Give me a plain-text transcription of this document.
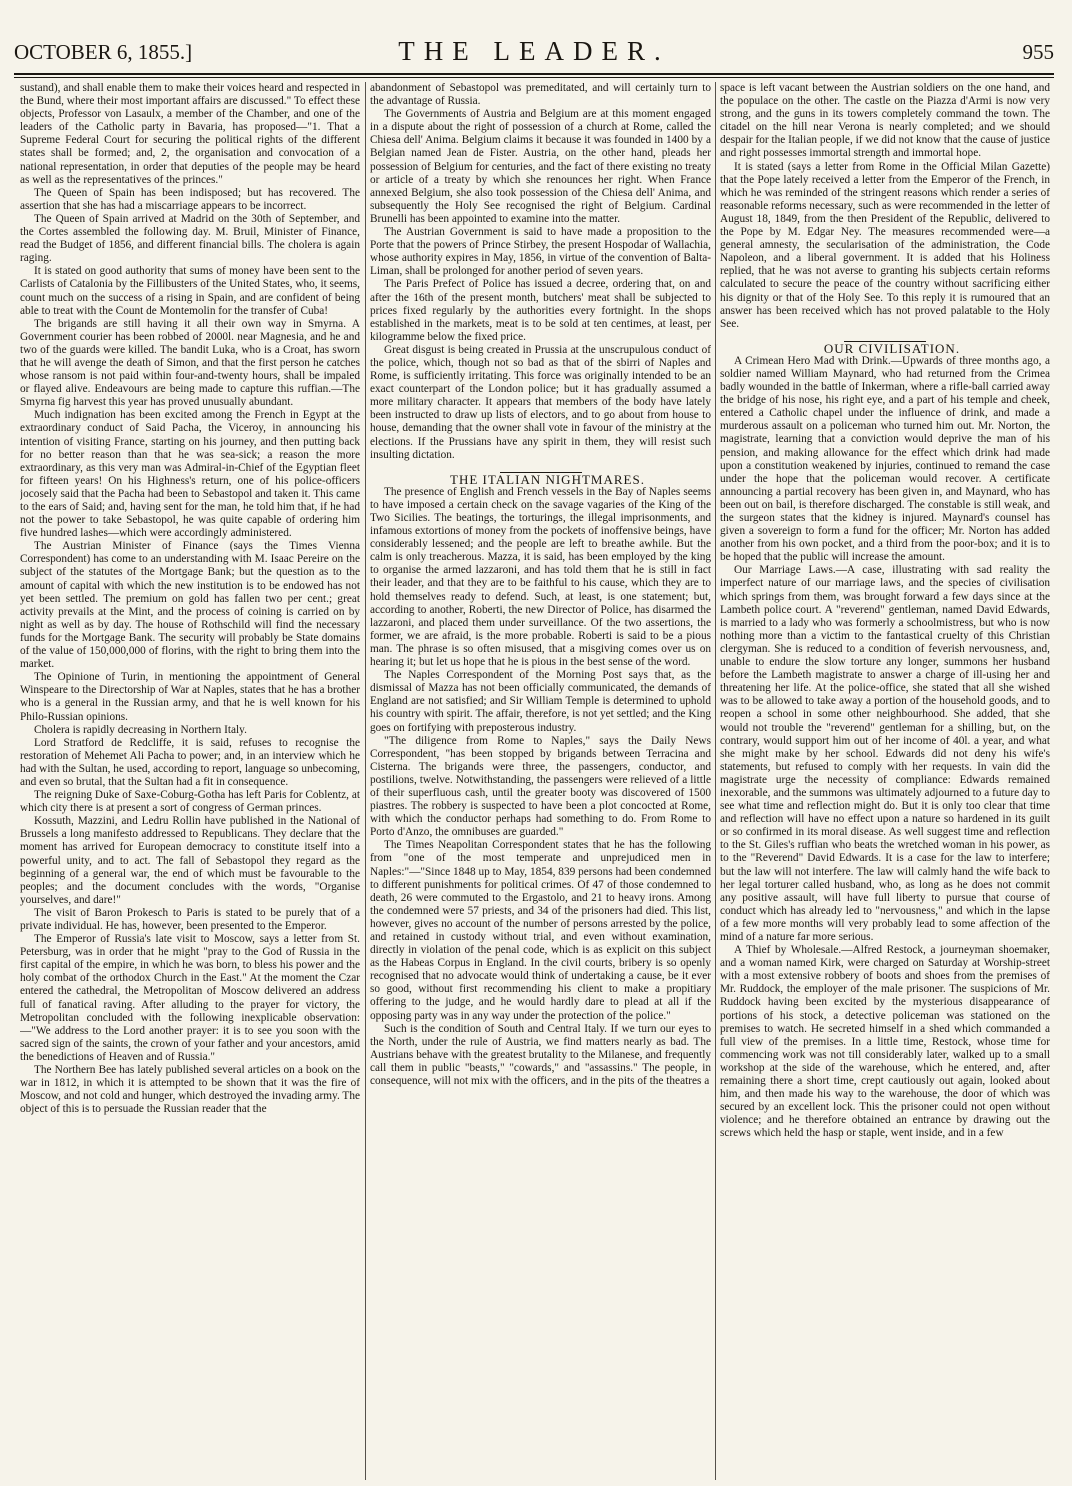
OCTOBER 6, 1855.]	THE LEADER.	955

sustand), and shall enable them to make their voices heard and respected in the Bund, where their most important affairs are discussed." To effect these objects, Professor von Lasaulx, a member of the Chamber, and one of the leaders of the Catholic party in Bavaria, has proposed—"1. That a Supreme Federal Court for securing the political rights of the different states shall be formed; and, 2, the organisation and convocation of a national representation, in order that deputies of the people may be heard as well as the representatives of the princes."

The Queen of Spain has been indisposed; but has recovered. The assertion that she has had a miscarriage appears to be incorrect.

The Queen of Spain arrived at Madrid on the 30th of September, and the Cortes assembled the following day. M. Bruil, Minister of Finance, read the Budget of 1856, and different financial bills. The cholera is again raging.

It is stated on good authority that sums of money have been sent to the Carlists of Catalonia by the Fillibusters of the United States, who, it seems, count much on the success of a rising in Spain, and are confident of being able to treat with the Count de Montemolin for the transfer of Cuba!

The brigands are still having it all their own way in Smyrna. A Government courier has been robbed of 2000l. near Magnesia, and he and two of the guards were killed. The bandit Luka, who is a Croat, has sworn that he will avenge the death of Simon, and that the first person he catches whose ransom is not paid within four-and-twenty hours, shall be impaled or flayed alive. Endeavours are being made to capture this ruffian.—The Smyrna fig harvest this year has proved unusually abundant.

Much indignation has been excited among the French in Egypt at the extraordinary conduct of Said Pacha, the Viceroy, in announcing his intention of visiting France, starting on his journey, and then putting back for no better reason than that he was sea-sick; a reason the more extraordinary, as this very man was Admiral-in-Chief of the Egyptian fleet for fifteen years! On his Highness's return, one of his police-officers jocosely said that the Pacha had been to Sebastopol and taken it. This came to the ears of Said; and, having sent for the man, he told him that, if he had not the power to take Sebastopol, he was quite capable of ordering him five hundred lashes—which were accordingly administered.

The Austrian Minister of Finance (says the Times Vienna Correspondent) has come to an understanding with M. Isaac Pereire on the subject of the statutes of the Mortgage Bank; but the question as to the amount of capital with which the new institution is to be endowed has not yet been settled. The premium on gold has fallen two per cent.; great activity prevails at the Mint, and the process of coining is carried on by night as well as by day. The house of Rothschild will find the necessary funds for the Mortgage Bank. The security will probably be State domains of the value of 150,000,000 of florins, with the right to bring them into the market.

The Opinione of Turin, in mentioning the appointment of General Winspeare to the Directorship of War at Naples, states that he has a brother who is a general in the Russian army, and that he is well known for his Philo-Russian opinions.

Cholera is rapidly decreasing in Northern Italy.

Lord Stratford de Redcliffe, it is said, refuses to recognise the restoration of Mehemet Ali Pacha to power; and, in an interview which he had with the Sultan, he used, according to report, language so unbecoming, and even so brutal, that the Sultan had a fit in consequence.

The reigning Duke of Saxe-Coburg-Gotha has left Paris for Coblentz, at which city there is at present a sort of congress of German princes.

Kossuth, Mazzini, and Ledru Rollin have published in the National of Brussels a long manifesto addressed to Republicans. They declare that the moment has arrived for European democracy to constitute itself into a powerful unity, and to act. The fall of Sebastopol they regard as the beginning of a general war, the end of which must be favourable to the peoples; and the document concludes with the words, "Organise yourselves, and dare!"

The visit of Baron Prokesch to Paris is stated to be purely that of a private individual. He has, however, been presented to the Emperor.

The Emperor of Russia's late visit to Moscow, says a letter from St. Petersburg, was in order that he might "pray to the God of Russia in the first capital of the empire, in which he was born, to bless his power and the holy combat of the orthodox Church in the East." At the moment the Czar entered the cathedral, the Metropolitan of Moscow delivered an address full of fanatical raving. After alluding to the prayer for victory, the Metropolitan concluded with the following inexplicable observation:—"We address to the Lord another prayer: it is to see you soon with the sacred sign of the saints, the crown of your father and your ancestors, amid the benedictions of Heaven and of Russia."

The Northern Bee has lately published several articles on a book on the war in 1812, in which it is attempted to be shown that it was the fire of Moscow, and not cold and hunger, which destroyed the invading army. The object of this is to persuade the Russian reader that the

abandonment of Sebastopol was premeditated, and will certainly turn to the advantage of Russia.

The Governments of Austria and Belgium are at this moment engaged in a dispute about the right of possession of a church at Rome, called the Chiesa dell' Anima. Belgium claims it because it was founded in 1400 by a Belgian named Jean de Fister. Austria, on the other hand, pleads her possession of Belgium for centuries, and the fact of there existing no treaty or article of a treaty by which she renounces her right. When France annexed Belgium, she also took possession of the Chiesa dell' Anima, and subsequently the Holy See recognised the right of Belgium. Cardinal Brunelli has been appointed to examine into the matter.

The Austrian Government is said to have made a proposition to the Porte that the powers of Prince Stirbey, the present Hospodar of Wallachia, whose authority expires in May, 1856, in virtue of the convention of Balta-Liman, shall be prolonged for another period of seven years.

The Paris Prefect of Police has issued a decree, ordering that, on and after the 16th of the present month, butchers' meat shall be subjected to prices fixed regularly by the authorities every fortnight. In the shops established in the markets, meat is to be sold at ten centimes, at least, per kilogramme below the fixed price.

Great disgust is being created in Prussia at the unscrupulous conduct of the police, which, though not so bad as that of the sbirri of Naples and Rome, is sufficiently irritating. This force was originally intended to be an exact counterpart of the London police; but it has gradually assumed a more military character. It appears that members of the body have lately been instructed to draw up lists of electors, and to go about from house to house, demanding that the owner shall vote in favour of the ministry at the elections. If the Prussians have any spirit in them, they will resist such insulting dictation.

THE ITALIAN NIGHTMARES.

The presence of English and French vessels in the Bay of Naples seems to have imposed a certain check on the savage vagaries of the King of the Two Sicilies. The beatings, the torturings, the illegal imprisonments, and infamous extortions of money from the pockets of inoffensive beings, have considerably lessened; and the people are left to breathe awhile. But the calm is only treacherous. Mazza, it is said, has been employed by the king to organise the armed lazzaroni, and has told them that he is still in fact their leader, and that they are to be faithful to his cause, which they are to hold themselves ready to defend. Such, at least, is one statement; but, according to another, Roberti, the new Director of Police, has disarmed the lazzaroni, and placed them under surveillance. Of the two assertions, the former, we are afraid, is the more probable. Roberti is said to be a pious man. The phrase is so often misused, that a misgiving comes over us on hearing it; but let us hope that he is pious in the best sense of the word.

The Naples Correspondent of the Morning Post says that, as the dismissal of Mazza has not been officially communicated, the demands of England are not satisfied; and Sir William Temple is determined to uphold his country with spirit. The affair, therefore, is not yet settled; and the King goes on fortifying with preposterous industry.

"The diligence from Rome to Naples," says the Daily News Correspondent, "has been stopped by brigands between Terracina and Cisterna. The brigands were three, the passengers, conductor, and postilions, twelve. Notwithstanding, the passengers were relieved of a little of their superfluous cash, until the greater booty was discovered of 1500 piastres. The robbery is suspected to have been a plot concocted at Rome, with which the conductor perhaps had something to do. From Rome to Porto d'Anzo, the omnibuses are guarded."

The Times Neapolitan Correspondent states that he has the following from "one of the most temperate and unprejudiced men in Naples:"—"Since 1848 up to May, 1854, 839 persons had been condemned to different punishments for political crimes. Of 47 of those condemned to death, 26 were commuted to the Ergastolo, and 21 to heavy irons. Among the condemned were 57 priests, and 34 of the prisoners had died. This list, however, gives no account of the number of persons arrested by the police, and retained in custody without trial, and even without examination, directly in violation of the penal code, which is as explicit on this subject as the Habeas Corpus in England. In the civil courts, bribery is so openly recognised that no advocate would think of undertaking a cause, be it ever so good, without first recommending his client to make a propitiary offering to the judge, and he would hardly dare to plead at all if the opposing party was in any way under the protection of the police."

Such is the condition of South and Central Italy. If we turn our eyes to the North, under the rule of Austria, we find matters nearly as bad. The Austrians behave with the greatest brutality to the Milanese, and frequently call them in public "beasts," "cowards," and "assassins." The people, in consequence, will not mix with the officers, and in the pits of the theatres a

space is left vacant between the Austrian soldiers on the one hand, and the populace on the other. The castle on the Piazza d'Armi is now very strong, and the guns in its towers completely command the town. The citadel on the hill near Verona is nearly completed; and we should despair for the Italian people, if we did not know that the cause of justice and right possesses immortal strength and immortal hope.

It is stated (says a letter from Rome in the Official Milan Gazette) that the Pope lately received a letter from the Emperor of the French, in which he was reminded of the stringent reasons which render a series of reasonable reforms necessary, such as were recommended in the letter of August 18, 1849, from the then President of the Republic, delivered to the Pope by M. Edgar Ney. The measures recommended were—a general amnesty, the secularisation of the administration, the Code Napoleon, and a liberal government. It is added that his Holiness replied, that he was not averse to granting his subjects certain reforms calculated to secure the peace of the country without sacrificing either his dignity or that of the Holy See. To this reply it is rumoured that an answer has been received which has not proved palatable to the Holy See.

OUR CIVILISATION.

A Crimean Hero Mad with Drink.—Upwards of three months ago, a soldier named William Maynard, who had returned from the Crimea badly wounded in the battle of Inkerman, where a rifle-ball carried away the bridge of his nose, his right eye, and a part of his temple and cheek, entered a Catholic chapel under the influence of drink, and made a murderous assault on a policeman who turned him out. Mr. Norton, the magistrate, learning that a conviction would deprive the man of his pension, and making allowance for the effect which drink had made upon a constitution weakened by injuries, continued to remand the case under the hope that the policeman would recover. A certificate announcing a partial recovery has been given in, and Maynard, who has been out on bail, is therefore discharged. The constable is still weak, and the surgeon states that the kidney is injured. Maynard's counsel has given a sovereign to form a fund for the officer; Mr. Norton has added another from his own pocket, and a third from the poor-box; and it is to be hoped that the public will increase the amount.

Our Marriage Laws.—A case, illustrating with sad reality the imperfect nature of our marriage laws, and the species of civilisation which springs from them, was brought forward a few days since at the Lambeth police court. A "reverend" gentleman, named David Edwards, is married to a lady who was formerly a schoolmistress, but who is now nothing more than a victim to the fantastical cruelty of this Christian clergyman. She is reduced to a condition of feverish nervousness, and, unable to endure the slow torture any longer, summons her husband before the Lambeth magistrate to answer a charge of ill-using her and threatening her life. At the police-office, she stated that all she wished was to be allowed to take away a portion of the household goods, and to reopen a school in some other neighbourhood. She added, that she would not trouble the "reverend" gentleman for a shilling, but, on the contrary, would support him out of her income of 40l. a year, and what she might make by her school. Edwards did not deny his wife's statements, but refused to comply with her requests. In vain did the magistrate urge the necessity of compliance: Edwards remained inexorable, and the summons was ultimately adjourned to a future day to see what time and reflection might do. But it is only too clear that time and reflection will have no effect upon a nature so hardened in its guilt or so confirmed in its moral disease. As well suggest time and reflection to the St. Giles's ruffian who beats the wretched woman in his power, as to the "Reverend" David Edwards. It is a case for the law to interfere; but the law will not interfere. The law will calmly hand the wife back to her legal torturer called husband, who, as long as he does not commit any positive assault, will have full liberty to pursue that course of conduct which has already led to "nervousness," and which in the lapse of a few more months will very probably lead to some affection of the mind of a nature far more serious.

A Thief by Wholesale.—Alfred Restock, a journeyman shoemaker, and a woman named Kirk, were charged on Saturday at Worship-street with a most extensive robbery of boots and shoes from the premises of Mr. Ruddock, the employer of the male prisoner. The suspicions of Mr. Ruddock having been excited by the mysterious disappearance of portions of his stock, a detective policeman was stationed on the premises to watch. He secreted himself in a shed which commanded a full view of the premises. In a little time, Restock, whose time for commencing work was not till considerably later, walked up to a small workshop at the side of the warehouse, which he entered, and, after remaining there a short time, crept cautiously out again, looked about him, and then made his way to the warehouse, the door of which was secured by an excellent lock. This the prisoner could not open without violence; and he therefore obtained an entrance by drawing out the screws which held the hasp or staple, went inside, and in a few
